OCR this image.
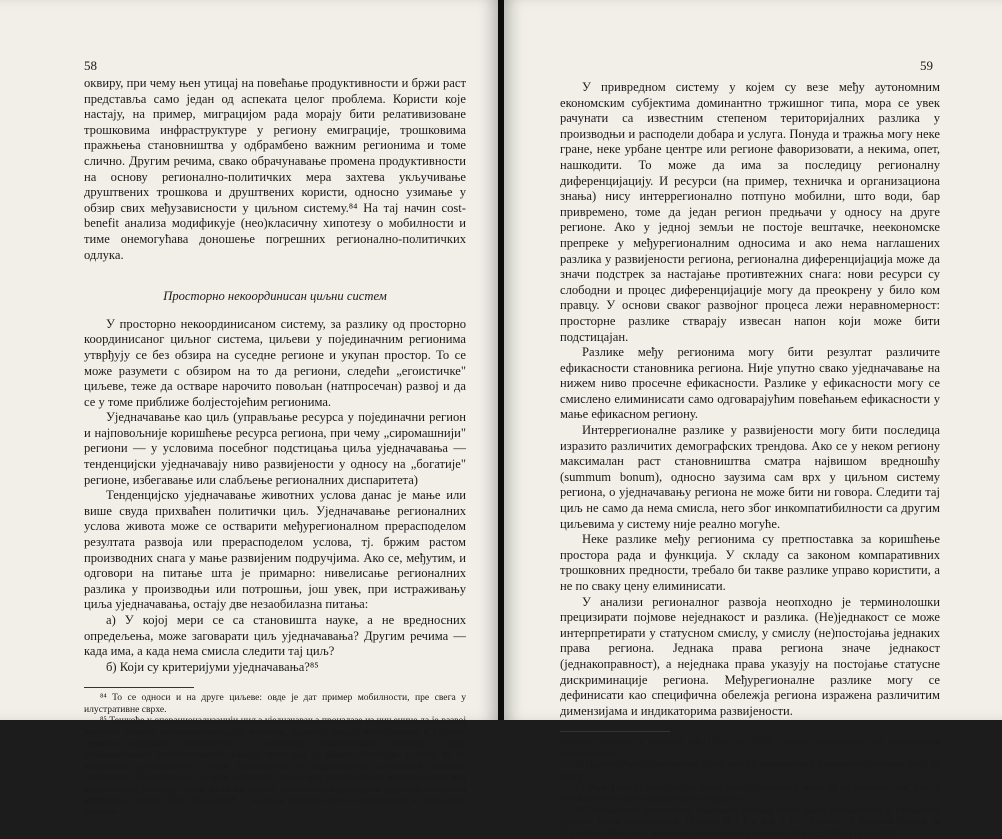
58

оквиру, при чему њен утицај на повећање продуктивности и бржи раст представља само један од аспеката целог проблема. Користи које настају, на пример, миграцијом рада морају бити релативизоване трошковима инфраструктуре у региону емиграције, трошковима пражњења становништва у одбрамбено важним регионима и томе слично. Другим речима, свако обрачунавање промена продуктивности на основу регионално-политичких мера захтева укључивање друштвених трошкова и друштвених користи, односно узимање у обзир свих међузависности у циљном систему.⁸⁴ На тај начин cost-benefit анализа модификује (нео)класичну хипотезу о мобилности и тиме онемогућава доношење погрешних регионално-политичких одлука.

Просторно некоординисан циљни систем

У просторно некоординисаном систему, за разлику од просторно координисаног циљног система, циљеви у појединачним регионима утврђују се без обзира на суседне регионе и укупан простор. То се може разумети с обзиром на то да региони, следећи „егоистичке" циљеве, теже да остваре нарочито повољан (натпросечан) развој и да се у томе приближе болјестојећим регионима.

Уједначавање као циљ (управљање ресурса у појединачни регион и најповољније коришћење ресурса региона, при чему „сиромашнији" региони — у условима посебног подстицања циља уједначавања — тенденцијски уједначавају ниво развијености у односу на „богатије" регионе, избегавање или слабљење регионалних диспаритета)

Тенденцијско уједначавање животних услова данас је мање или више свуда прихваћен политички циљ. Уједначавање регионалних услова живота може се остварити међурегионалном прерасподелом резултата развоја или прерасподелом услова, тј. бржим растом производних снага у мање развијеним подручјима. Ако се, међутим, и одговори на питање шта је примарно: нивелисање регионалних разлика у производњи или потрошњи, још увек, при истраживању циља уједначавања, остају две незаобилазна питања:

а) У којој мери се са становишта науке, а не вредносних опредељења, може заговарати циљ уједначавања? Другим речима — када има, а када нема смисла следити тај циљ?

б) Који су критеријуми уједначавања?⁸⁵

⁸⁴ То се односи и на друге циљеве: овде је дат пример мобилности, пре свега у илустративне сврхе.

⁸⁵ Тешкоће у операционализацији циља уједначавања произлазе из чињенице да је развој изузетно сложен, вишедимензионалан феномен, односно процес многобројних и сталних промена неједнаког интензитета и различитих квалитативних обележја. Таква неравномерност (асиметричност) развоја мало кад је вољни ситуацији у којој ће се регионални диспаритети у свим димензијама (и индикаторима) смањивати, односно повећавати. Без обзира на то који индикатор служе као репрезентанти конвергенције или дивергенције региона, остаје да се на основу различитих критеријума вреднује остварени регионални развој. Тако Милановић, у анализи образаца раста неразвијених и развијених југосло-

59

У привредном систему у којем су везе међу аутономним економским субјектима доминантно тржишног типа, мора се увек рачунати са известним степеном територијалних разлика у производњи и расподели добара и услуга. Понуда и тражња могу неке гране, неке урбане центре или регионе фаворизовати, а некима, опет, нашкодити. То може да има за последицу регионалну диференцијацију. И ресурси (на пример, техничка и организациона знања) нису интеррегионално потпуно мобилни, што води, бар привремено, томе да један регион предњачи у односу на друге регионе. Ако у једној земљи не постоје вештачке, неекономске препреке у међурегионалним односима и ако нема наглашених разлика у развијености региона, регионална диференцијација може да значи подстрек за настајање противтежних снага: нови ресурси су слободни и процес диференцијације могу да преокрену у било ком правцу. У основи сваког развојног процеса лежи неравномерност: просторне разлике стварају извесан напон који може бити подстицајан.

Разлике међу регионима могу бити резултат различите ефикасности становника региона. Није упутно свако уједначавање на нижем ниво просечне ефикасности. Разлике у ефикасности могу се смислено елиминисати само одговарајућим повећањем ефикасности у мање ефикасном региону.

Интеррегионалне разлике у развијености могу бити последица изразито различитих демографских трендова. Ако се у неком региону максималан раст становништва сматра највишом вредношћу (summum bonum), односно заузима сам врх у циљном систему региона, о уједначавању региона не може бити ни говора. Следити тај циљ не само да нема смисла, него због инкомпатибилности са другим циљевима у систему није реално могуће.

Неке разлике међу регионима су претпоставка за коришћење простора рада и функција. У складу са законом компаративних трошковних предности, требало би такве разлике управо користити, а не по сваку цену елиминисати.

У анализи регионалног развоја неопходно је терминолошки прецизирати појмове неједнакост и разлика. (Не)једнакост се може интерпретирати у статусном смислу, у смислу (не)постојања једнаких права региона. Једнака права региона значе једнакост (једнакоправност), а неједнака права указују на постојање статусне дискриминације региона. Међурегионалне разлике могу се дефинисати као специфична обележја региона изражена различитим димензијама и индикаторима развијености.

венских региона у периоду од 1952. до 1983. године, примењује три критеријума уједначавања:

а) Парето (Pareto) критеријум: стопе раста и неразвијених и развијених региона треба да расту;

б) Ролс (Rawls) критеријум: стопа раста развијених може да се повећава све док се повећава стопа раста неразвијених подручја.

в) Верховенски критеријум: позитивну разлику стопа раста неразвијених и развијених региона треба максимирати. (Branko M i l a n o v i ć, Patterns of Regional Growth in Yugoslavia, 1952—83, Journal of Development Economics, Vol. 25, 1987, стр. 1—19).
